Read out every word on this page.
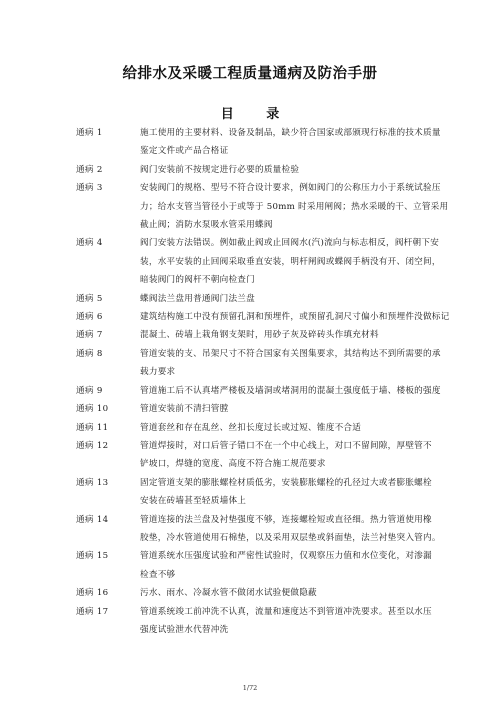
给排水及采暖工程质量通病及防治手册
目 录
通病 1	施工使用的主要材料、设备及制品，缺少符合国家或部颁现行标准的技术质量
鉴定文件或产品合格证
通病 2	阀门安装前不按规定进行必要的质量检验
通病 3	安装阀门的规格、型号不符合设计要求，例如阀门的公称压力小于系统试验压
力；给水支管当管径小于或等于 50mm 时采用闸阀；热水采暖的干、立管采用
截止阀；消防水泵吸水管采用蝶阀
通病 4	阀门安装方法错误。例如截止阀或止回阀水(汽)流向与标志相反，阀杆朝下安
装，水平安装的止回阀采取垂直安装，明杆闸阀或蝶阀手柄没有开、闭空间，
暗装阀门的阀杆不朝向检查门
通病 5	蝶阀法兰盘用普通阀门法兰盘
通病 6	建筑结构施工中没有预留孔洞和预埋件，或预留孔洞尺寸偏小和预埋件没做标记
通病 7	混凝土、砖墙上栽角钢支架时，用砂子灰及碎砖头作填充材料
通病 8	管道安装的支、吊架尺寸不符合国家有关图集要求，其结构达不到所需要的承
载力要求
通病 9	管道施工后不认真堵严楼板及墙洞或堵洞用的混凝土强度低于墙、楼板的强度
通病 10	管道安装前不清扫管膛
通病 11	管道套丝和存在乱丝、丝扣长度过长或过短、锥度不合适
通病 12	管道焊接时，对口后管子错口不在一个中心线上，对口不留间隙，厚壁管不
铲坡口，焊缝的宽度、高度不符合施工规范要求
通病 13	固定管道支架的膨胀螺栓材质低劣，安装膨胀螺栓的孔径过大或者膨胀螺栓
安装在砖墙甚至轻质墙体上
通病 14	管道连接的法兰盘及衬垫强度不够，连接螺栓短或直径细。热力管道使用橡
胶垫，冷水管道使用石棉垫，以及采用双层垫或斜面垫，法兰衬垫突入管内。
通病 15	管道系统水压强度试验和严密性试验时，仅观察压力值和水位变化，对渗漏
检查不够
通病 16	污水、雨水、冷凝水管不做闭水试验便做隐蔽
通病 17	管道系统竣工前冲洗不认真，流量和速度达不到管道冲洗要求。甚至以水压
强度试验泄水代替冲洗
1/72
